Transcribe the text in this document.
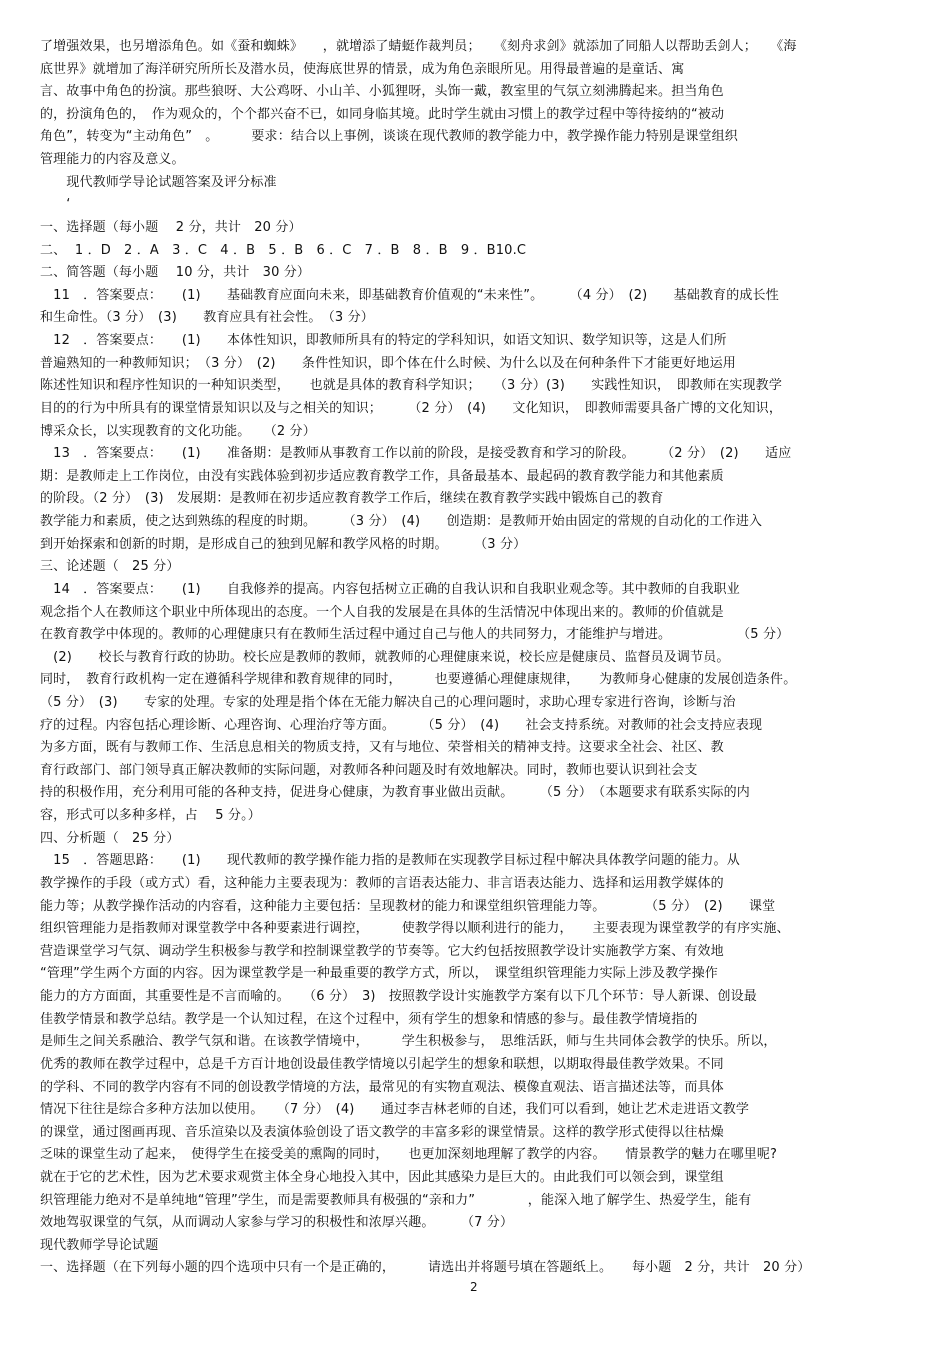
了增强效果，也另增添角色。如《蚕和蜘蛛》　　，就增添了蜻蜓作裁判员；　　《刻舟求剑》就添加了同船人以帮助丢剑人；　　《海
底世界》就增加了海洋研究所所长及潜水员，使海底世界的情景，成为角色亲眼所见。用得最普遍的是童话、寓
言、故事中角色的扮演。那些狼呀、大公鸡呀、小山羊、小狐狸呀，头饰一戴，教室里的气氛立刻沸腾起来。担当角色
的，扮演角色的，　作为观众的，个个都兴奋不已，如同身临其境。此时学生就由习惯上的教学过程中等待接纳的“被动
角色”，转变为“主动角色”　。　　　要求：结合以上事例，谈谈在现代教师的教学能力中，教学操作能力特别是课堂组织
管理能力的内容及意义。
　　现代教师学导论试题答案及评分标准
　　‘
一、选择题（每小题　 2 分，共计　20 分）
二、  1 ．D　2 ．A　3 ．C　4 ．B　5 ．B　6 ．C　7 ．B　8 ．B　9 ．B10.C
二、简答题（每小题　 10 分，共计　30 分）
　11　．答案要点：　　(1)　　基础教育应面向未来，即基础教育价值观的“未来性”。　　　（4 分）　(2)　　基础教育的成长性
和生命性。（3 分）　(3)　　教育应具有社会性。　（3 分）
　12　．答案要点：　　(1)　　本体性知识，即教师所具有的特定的学科知识，如语文知识、数学知识等，这是人们所
普遍熟知的一种教师知识；　（3 分）　(2)　　条件性知识，即个体在什么时候、为什么以及在何种条件下才能更好地运用
陈述性知识和程序性知识的一种知识类型，　　也就是具体的教育科学知识；　　（3 分）(3)　　实践性知识，　即教师在实现教学
目的的行为中所具有的课堂情景知识以及与之相关的知识；　　　（2 分）　(4)　　文化知识，　即教师需要具备广博的文化知识，
博采众长，以实现教育的文化功能。　　（2 分）
　13　．答案要点：　　(1)　　准备期：是教师从事教育工作以前的阶段，是接受教育和学习的阶段。　　　（2 分）　(2)　　适应
期：是教师走上工作岗位，由没有实践体验到初步适应教育教学工作，具备最基本、最起码的教育教学能力和其他素质
的阶段。（2 分）　(3)　发展期：是教师在初步适应教育教学工作后，继续在教育教学实践中锻炼自己的教育
教学能力和素质，使之达到熟练的程度的时期。　　　（3 分）　(4)　　创造期：是教师开始由固定的常规的自动化的工作进入
到开始探索和创新的时期，是形成自己的独到见解和教学风格的时期。　　　（3 分）
三、论述题（　25 分）
　14　．答案要点：　　(1)　　自我修养的提高。内容包括树立正确的自我认识和自我职业观念等。其中教师的自我职业
观念指个人在教师这个职业中所体现出的态度。一个人自我的发展是在具体的生活情况中体现出来的。教师的价值就是
在教育教学中体现的。教师的心理健康只有在教师生活过程中通过自己与他人的共同努力，才能维护与增进。　　　　　　（5 分）
　(2)　　校长与教育行政的协助。校长应是教师的教师，就教师的心理健康来说，校长应是健康员、监督员及调节员。
同时，　教育行政机构一定在遵循科学规律和教育规律的同时，　　　也要遵循心理健康规律，　　为教师身心健康的发展创造条件。
（5 分）　(3)　　专家的处理。专家的处理是指个体在无能力解决自己的心理问题时，求助心理专家进行咨询，诊断与治
疗的过程。内容包括心理诊断、心理咨询、心理治疗等方面。　　　（5 分）　(4)　　社会支持系统。对教师的社会支持应表现
为多方面，既有与教师工作、生活息息相关的物质支持，又有与地位、荣誉相关的精神支持。这要求全社会、社区、教
育行政部门、部门领导真正解决教师的实际问题，对教师各种问题及时有效地解决。同时，教师也要认识到社会支
持的积极作用，充分利用可能的各种支持，促进身心健康，为教育事业做出贡献。　　　（5 分）　（本题要求有联系实际的内
容，形式可以多种多样，占　 5 分。）
四、分析题（　25 分）
　15　．答题思路：　　(1)　　现代教师的教学操作能力指的是教师在实现教学目标过程中解决具体教学问题的能力。从
教学操作的手段（或方式）看，这种能力主要表现为：教师的言语表达能力、非言语表达能力、选择和运用教学媒体的
能力等；从教学操作活动的内容看，这种能力主要包括：呈现教材的能力和课堂组织管理能力等。　　　　（5 分）　(2)　　课堂
组织管理能力是指教师对课堂教学中各种要素进行调控，　　　使教学得以顺利进行的能力，　　主要表现为课堂教学的有序实施、
营造课堂学习气氛、调动学生积极参与教学和控制课堂教学的节奏等。它大约包括按照教学设计实施教学方案、有效地
“管理”学生两个方面的内容。因为课堂教学是一种最重要的教学方式，所以，　课堂组织管理能力实际上涉及教学操作
能力的方方面面，其重要性是不言而喻的。　　（6 分）　3)　按照教学设计实施教学方案有以下几个环节：导人新课、创设最
佳教学情景和教学总结。教学是一个认知过程，在这个过程中，须有学生的想象和情感的参与。最佳教学情境指的
是师生之间关系融洽、教学气氛和谐。在该教学情境中，　　　学生积极参与，　思维活跃，师与生共同体会教学的快乐。所以，
优秀的教师在教学过程中，总是千方百计地创设最佳教学情境以引起学生的想象和联想，以期取得最佳教学效果。不同
的学科、不同的教学内容有不同的创设教学情境的方法，最常见的有实物直观法、模像直观法、语言描述法等，而具体
情况下往往是综合多种方法加以使用。　　（7 分）　(4)　　通过李吉林老师的自述，我们可以看到，她让艺术走进语文教学
的课堂，通过图画再现、音乐渲染以及表演体验创设了语文教学的丰富多彩的课堂情景。这样的教学形式使得以往枯燥
乏味的课堂生动了起来，　使得学生在接受美的熏陶的同时，　　也更加深刻地理解了教学的内容。　　情景教学的魅力在哪里呢?
就在于它的艺术性，因为艺术要求观赏主体全身心地投入其中，因此其感染力是巨大的。由此我们可以领会到，课堂组
织管理能力绝对不是单纯地“管理”学生，而是需要教师具有极强的“亲和力”　　　　，能深入地了解学生、热爱学生，能有
效地驾驭课堂的气氛，从而调动人家参与学习的积极性和浓厚兴趣。　　　（7 分）
现代教师学导论试题
一、选择题（在下列每小题的四个选项中只有一个是正确的，　　　请选出并将题号填在答题纸上。　　每小题　2 分，共计　20 分）
2
